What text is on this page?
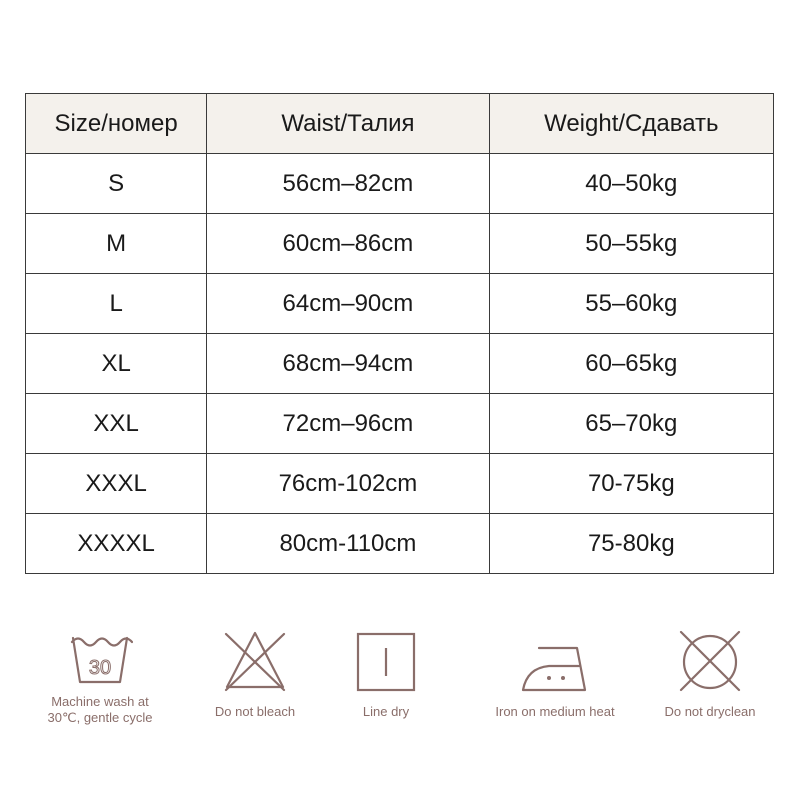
Size/номер	Waist/Талия	Weight/Сдавать
S	56cm–82cm	40–50kg
M	60cm–86cm	50–55kg
L	64cm–90cm	55–60kg
XL	68cm–94cm	60–65kg
XXL	72cm–96cm	65–70kg
XXXL	76cm-102cm	70-75kg
XXXXL	80cm-110cm	75-80kg
30
Machine wash at
30℃, gentle cycle	Do not bleach	Line dry	Iron on medium heat	Do not dryclean
